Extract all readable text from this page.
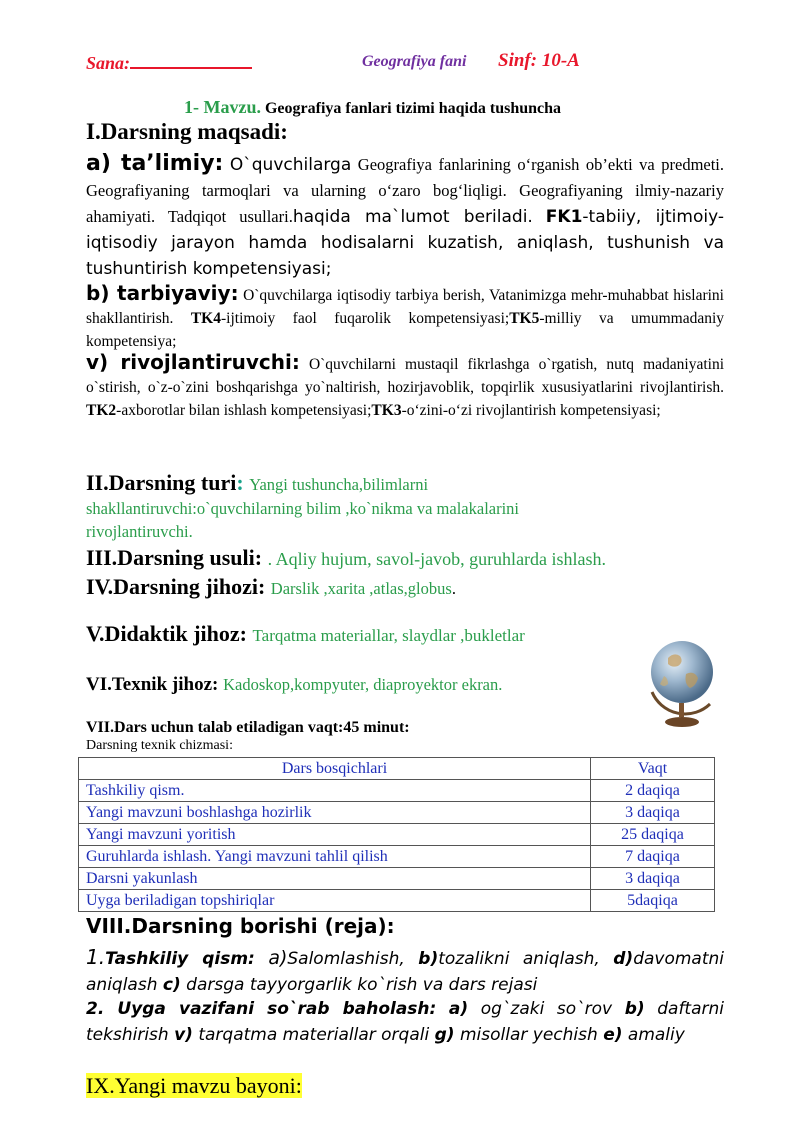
Sana:	Geografiya fani Sinf: 10-A
1- Mavzu. Geografiya fanlari tizimi haqida tushuncha
I.Darsning maqsadi:
a) ta’limiy: O`quvchilarga Geografiya fanlarining o‘rganish ob’ekti va predmeti. Geografiyaning tarmoqlari va ularning o‘zaro bog‘liqligi. Geografiyaning ilmiy-nazariy ahamiyati. Tadqiqot usullari.haqida ma`lumot beriladi. FK1-tabiiy, ijtimoiy-iqtisodiy jarayon hamda hodisalarni kuzatish, aniqlash, tushunish va tushuntirish kompetensiyasi;
b) tarbiyaviy: O`quvchilarga iqtisodiy tarbiya berish, Vatanimizga mehr-muhabbat hislarini shakllantirish. TK4-ijtimoiy faol fuqarolik kompetensiyasi;TK5-milliy va umummadaniy kompetensiya;
v) rivojlantiruvchi: O`quvchilarni mustaqil fikrlashga o`rgatish, nutq madaniyatini o`stirish, o`z-o`zini boshqarishga yo`naltirish, hozirjavoblik, topqirlik xususiyatlarini rivojlantirish. TK2-axborotlar bilan ishlash kompetensiyasi;TK3-o‘zini-o‘zi rivojlantirish kompetensiyasi;
II.Darsning turi: Yangi tushuncha,bilimlarni
shakllantiruvchi:o`quvchilarning bilim ,ko`nikma va malakalarini
rivojlantiruvchi.
III.Darsning usuli: . Aqliy hujum, savol-javob, guruhlarda ishlash.
IV.Darsning jihozi: Darslik ,xarita ,atlas,globus.
V.Didaktik jihoz: Tarqatma materiallar, slaydlar ,bukletlar
VI.Texnik jihoz: Kadoskop,kompyuter, diaproyektor ekran.
VII.Dars uchun talab etiladigan vaqt:45 minut:
Darsning texnik chizmasi:
Dars bosqichlari	Vaqt
Tashkiliy qism.	2 daqiqa
Yangi mavzuni boshlashga hozirlik	3 daqiqa
Yangi mavzuni yoritish	25 daqiqa
Guruhlarda ishlash. Yangi mavzuni tahlil qilish	7 daqiqa
Darsni yakunlash	3 daqiqa
Uyga beriladigan topshiriqlar	5daqiqa
VIII.Darsning borishi (reja):
1.Tashkiliy qism: a)Salomlashish, b)tozalikni aniqlash, d)davomatni aniqlash c) darsga tayyorgarlik ko`rish va dars rejasi
2. Uyga vazifani so`rab baholash: a) og`zaki so`rov b) daftarni tekshirish v) tarqatma materiallar orqali g) misollar yechish e) amaliy
IX.Yangi mavzu bayoni:
